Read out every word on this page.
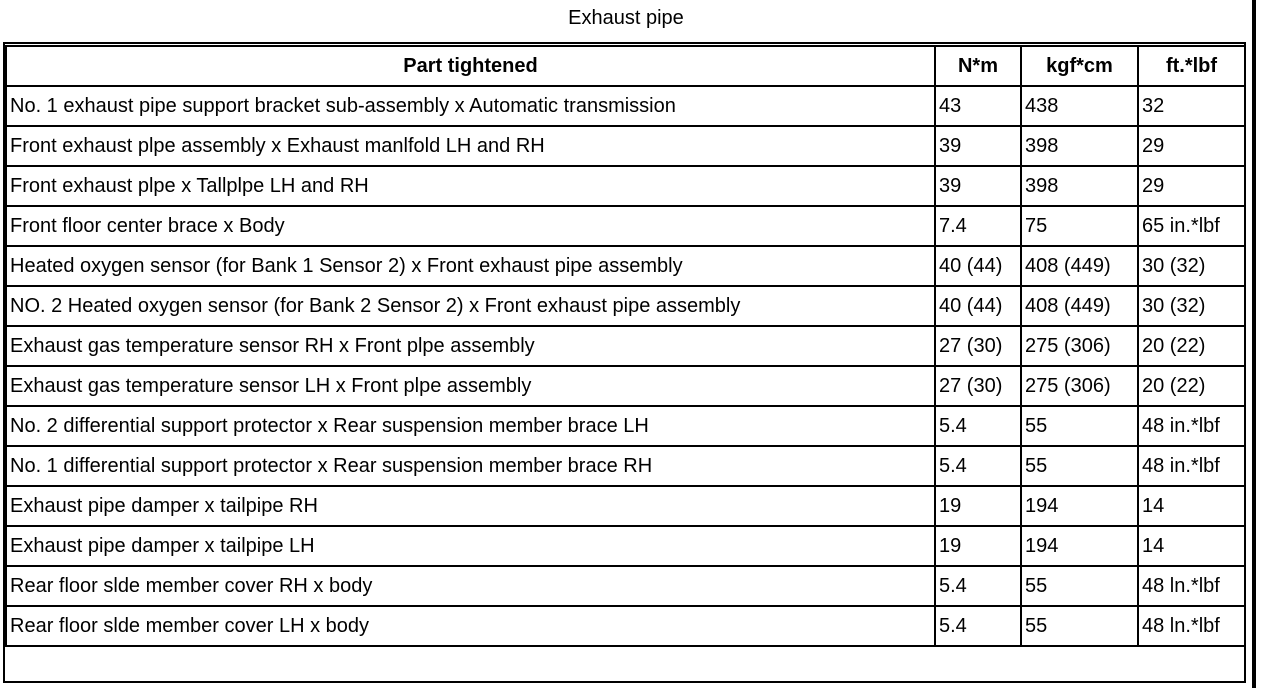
Exhaust pipe
Part tightened	N*m	kgf*cm	ft.*lbf
No. 1 exhaust pipe support bracket sub-assembly x Automatic transmission	43	438	32
Front exhaust plpe assembly x Exhaust manlfold LH and RH	39	398	29
Front exhaust plpe x Tallplpe LH and RH	39	398	29
Front floor center brace x Body	7.4	75	65 in.*lbf
Heated oxygen sensor (for Bank 1 Sensor 2) x Front exhaust pipe assembly	40 (44)	408 (449)	30 (32)
NO. 2 Heated oxygen sensor (for Bank 2 Sensor 2) x Front exhaust pipe assembly	40 (44)	408 (449)	30 (32)
Exhaust gas temperature sensor RH x Front plpe assembly	27 (30)	275 (306)	20 (22)
Exhaust gas temperature sensor LH x Front plpe assembly	27 (30)	275 (306)	20 (22)
No. 2 differential support protector x Rear suspension member brace LH	5.4	55	48 in.*lbf
No. 1 differential support protector x Rear suspension member brace RH	5.4	55	48 in.*lbf
Exhaust pipe damper x tailpipe RH	19	194	14
Exhaust pipe damper x tailpipe LH	19	194	14
Rear floor slde member cover RH x body	5.4	55	48 ln.*lbf
Rear floor slde member cover LH x body	5.4	55	48 ln.*lbf
